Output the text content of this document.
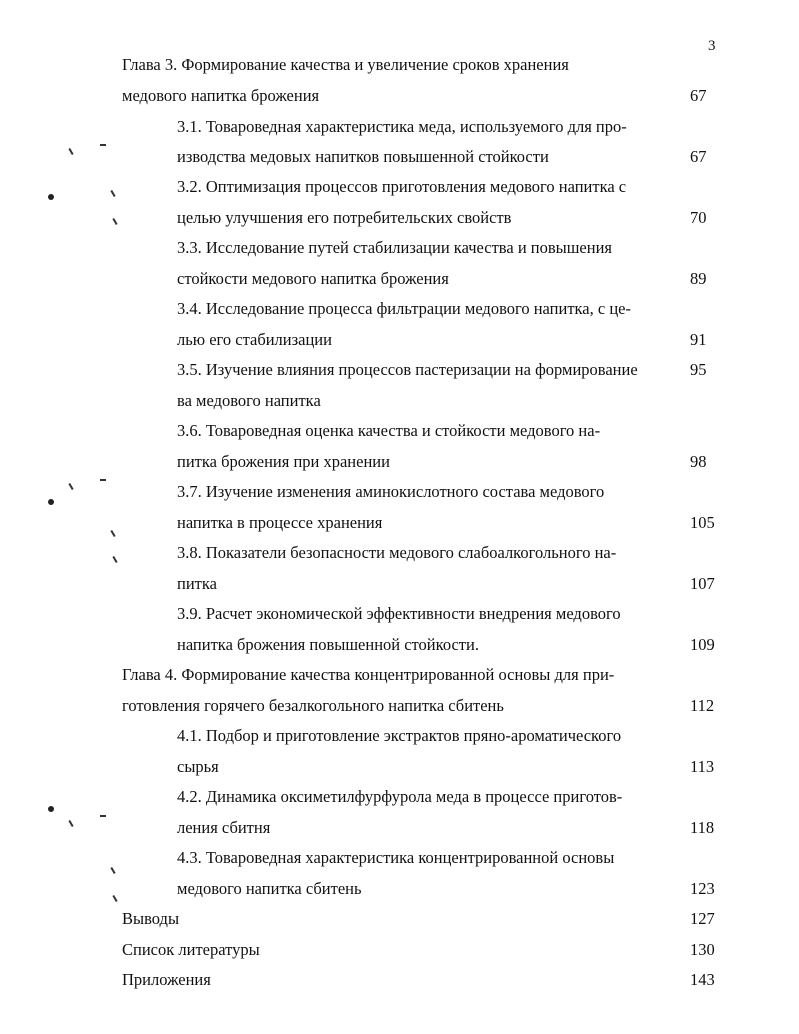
3
Глава 3. Формирование качества и увеличение сроков хранения
медового напитка брожения	67
3.1. Товароведная характеристика меда, используемого для про-
изводства медовых напитков повышенной стойкости	67
3.2. Оптимизация процессов приготовления медового напитка с
целью улучшения его потребительских свойств	70
3.3. Исследование путей стабилизации качества и повышения
стойкости медового напитка брожения	89
3.4. Исследование процесса фильтрации медового напитка, с це-
лью его стабилизации	91
3.5. Изучение влияния процессов пастеризации на формирование	95
ва медового напитка
3.6. Товароведная оценка качества и стойкости медового на-
питка брожения при хранении	98
3.7. Изучение изменения аминокислотного состава медового
напитка в процессе хранения	105
3.8. Показатели безопасности медового слабоалкогольного на-
питка	107
3.9. Расчет экономической эффективности внедрения медового
напитка брожения повышенной стойкости.	109
Глава 4. Формирование качества концентрированной основы для при-
готовления горячего безалкогольного напитка сбитень	112
4.1. Подбор и приготовление экстрактов пряно-ароматического
сырья	113
4.2. Динамика оксиметилфурфурола меда в процессе приготов-
ления сбитня	118
4.3. Товароведная характеристика концентрированной основы
медового напитка сбитень	123
Выводы	127
Список литературы	130
Приложения	143
